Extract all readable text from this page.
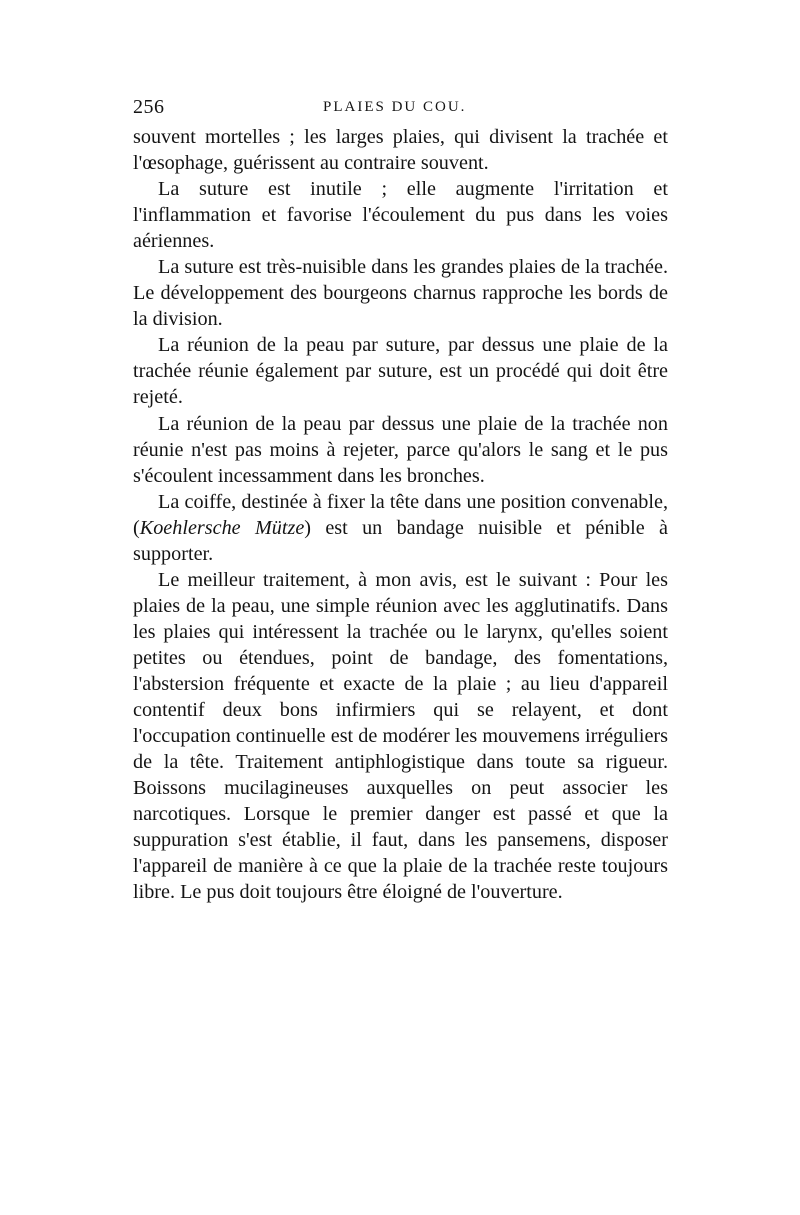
256	PLAIES DU COU.

souvent mortelles ; les larges plaies, qui divisent la trachée et l'œsophage, guérissent au contraire souvent.

La suture est inutile ; elle augmente l'irritation et l'inflammation et favorise l'écoulement du pus dans les voies aériennes.

La suture est très-nuisible dans les grandes plaies de la trachée. Le développement des bourgeons charnus rapproche les bords de la division.

La réunion de la peau par suture, par dessus une plaie de la trachée réunie également par suture, est un procédé qui doit être rejeté.

La réunion de la peau par dessus une plaie de la trachée non réunie n'est pas moins à rejeter, parce qu'alors le sang et le pus s'écoulent incessamment dans les bronches.

La coiffe, destinée à fixer la tête dans une position convenable, (Koehlersche Mütze) est un bandage nuisible et pénible à supporter.

Le meilleur traitement, à mon avis, est le suivant : Pour les plaies de la peau, une simple réunion avec les agglutinatifs. Dans les plaies qui intéressent la trachée ou le larynx, qu'elles soient petites ou étendues, point de bandage, des fomentations, l'abstersion fréquente et exacte de la plaie ; au lieu d'appareil contentif deux bons infirmiers qui se relayent, et dont l'occupation continuelle est de modérer les mouvemens irréguliers de la tête. Traitement antiphlogistique dans toute sa rigueur. Boissons mucilagineuses auxquelles on peut associer les narcotiques. Lorsque le premier danger est passé et que la suppuration s'est établie, il faut, dans les pansemens, disposer l'appareil de manière à ce que la plaie de la trachée reste toujours libre. Le pus doit toujours être éloigné de l'ouverture.
